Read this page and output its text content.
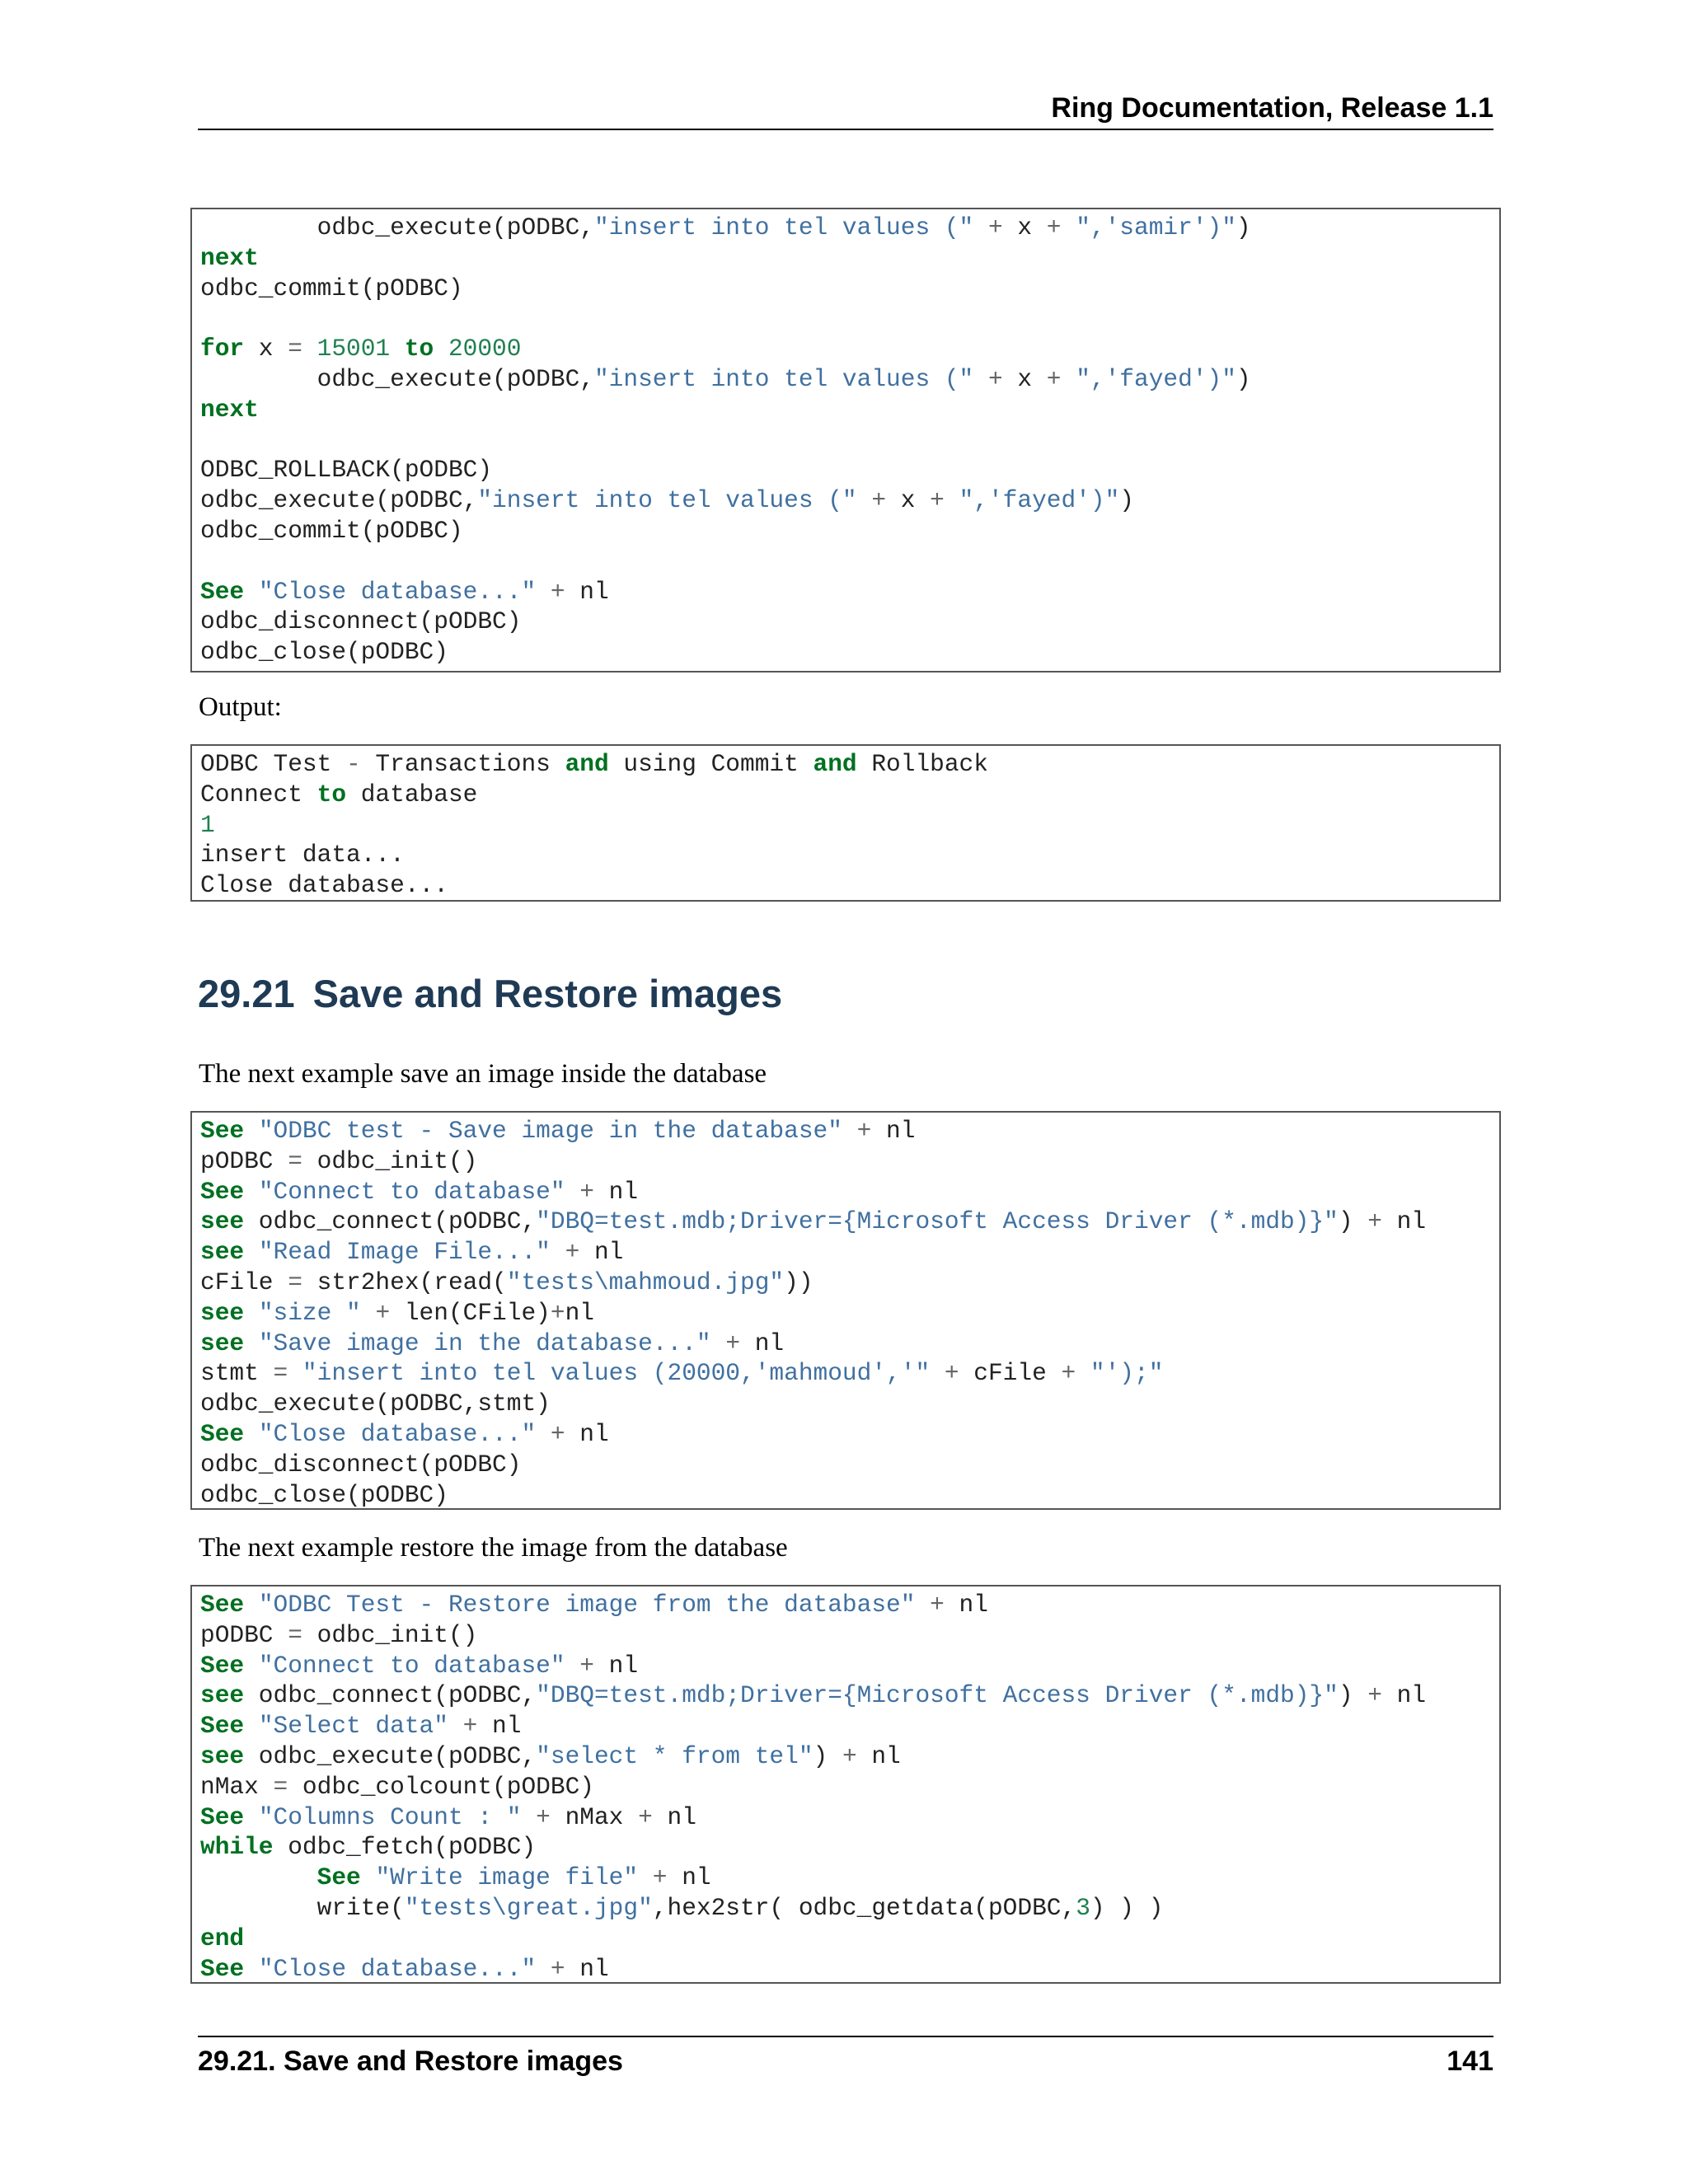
Ring Documentation, Release 1.1
odbc_execute(pODBC,"insert into tel values (" + x + ",'samir')")
next
odbc_commit(pODBC)

for x = 15001 to 20000
odbc_execute(pODBC,"insert into tel values (" + x + ",'fayed')")
next

ODBC_ROLLBACK(pODBC)
odbc_execute(pODBC,"insert into tel values (" + x + ",'fayed')")
odbc_commit(pODBC)

See "Close database..." + nl
odbc_disconnect(pODBC)
odbc_close(pODBC)
Output:
ODBC Test - Transactions and using Commit and Rollback
Connect to database
1
insert data...
Close database...
29.21 Save and Restore images
The next example save an image inside the database
See "ODBC test - Save image in the database" + nl
pODBC = odbc_init()
See "Connect to database" + nl
see odbc_connect(pODBC,"DBQ=test.mdb;Driver={Microsoft Access Driver (*.mdb)}") + nl
see "Read Image File..." + nl
cFile = str2hex(read("tests\mahmoud.jpg"))
see "size " + len(CFile)+nl
see "Save image in the database..." + nl
stmt = "insert into tel values (20000,'mahmoud','" + cFile + "');"
odbc_execute(pODBC,stmt)
See "Close database..." + nl
odbc_disconnect(pODBC)
odbc_close(pODBC)
The next example restore the image from the database
See "ODBC Test - Restore image from the database" + nl
pODBC = odbc_init()
See "Connect to database" + nl
see odbc_connect(pODBC,"DBQ=test.mdb;Driver={Microsoft Access Driver (*.mdb)}") + nl
See "Select data" + nl
see odbc_execute(pODBC,"select * from tel") + nl
nMax = odbc_colcount(pODBC)
See "Columns Count : " + nMax + nl
while odbc_fetch(pODBC)
See "Write image file" + nl
write("tests\great.jpg",hex2str( odbc_getdata(pODBC,3) ) )
end
See "Close database..." + nl
29.21. Save and Restore images	141
